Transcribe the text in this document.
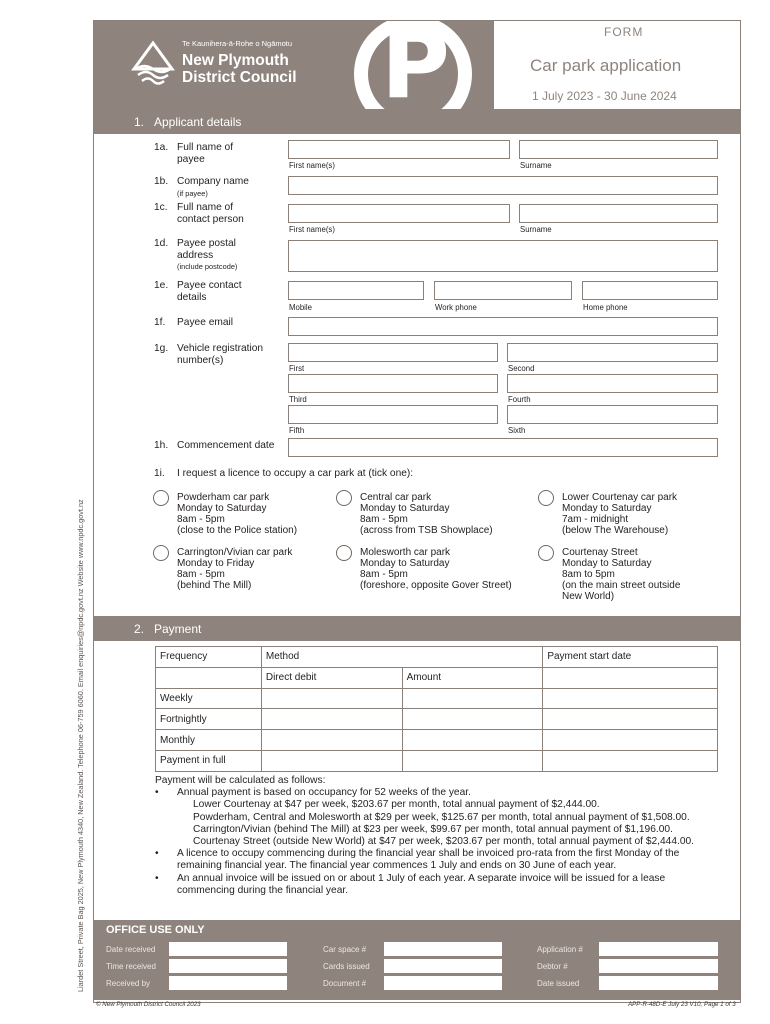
Liardet Street, Private Bag 2025, New Plymouth 4340, New Zealand. Telephone 06-759 6060. Email enquiries@npdc.govt.nz Website www.npdc.govt.nz
Te Kaunihera-ā-Rohe o Ngāmotu
New Plymouth
District Council P	FORM
Car park application
1 July 2023 - 30 June 2024
1. Applicant details
1a. Full name of
payee
First name(s)	Surname
1b. Company name
(if payee)
1c. Full name of
contact person
First name(s)	Surname
1d. Payee postal
address
(include postcode)
1e. Payee contact
details
Mobile	Work phone	Home phone
1f. Payee email
1g. Vehicle registration
number(s)
First	Second
Third	Fourth
Fifth	Sixth
1h. Commencement date
1i. I request a licence to occupy a car park at (tick one):
Powderham car park
Monday to Saturday
8am - 5pm
(close to the Police station)
Central car park
Monday to Saturday
8am - 5pm
(across from TSB Showplace)
Lower Courtenay car park
Monday to Saturday
7am - midnight
(below The Warehouse)
Carrington/Vivian car park
Monday to Friday
8am - 5pm
(behind The Mill)
Molesworth car park
Monday to Saturday
8am - 5pm
(foreshore, opposite Gover Street)
Courtenay Street
Monday to Saturday
8am to 5pm
(on the main street outside
New World)
2. Payment
Frequency	Method		Payment start date
	Direct debit	Amount	
Weekly			
Fortnightly			
Monthly			
Payment in full			
Payment will be calculated as follows:
• Annual payment is based on occupancy for 52 weeks of the year.
Lower Courtenay at $47 per week, $203.67 per month, total annual payment of $2,444.00.
Powderham, Central and Molesworth at $29 per week, $125.67 per month, total annual payment of $1,508.00.
Carrington/Vivian (behind The Mill) at $23 per week, $99.67 per month, total annual payment of $1,196.00.
Courtenay Street (outside New World) at $47 per week, $203.67 per month, total annual payment of $2,444.00.
• A licence to occupy commencing during the financial year shall be invoiced pro-rata from the first Monday of the
remaining financial year. The financial year commences 1 July and ends on 30 June of each year.
• An annual invoice will be issued on or about 1 July of each year. A separate invoice will be issued for a lease
commencing during the financial year.
OFFICE USE ONLY
Date received
Time received
Received by
Car space #
Cards issued
Document #
Application #
Debtor #
Date issued
© New Plymouth District Council 2023	APP-R-48D-E July 23 V10, Page 1 of 3
